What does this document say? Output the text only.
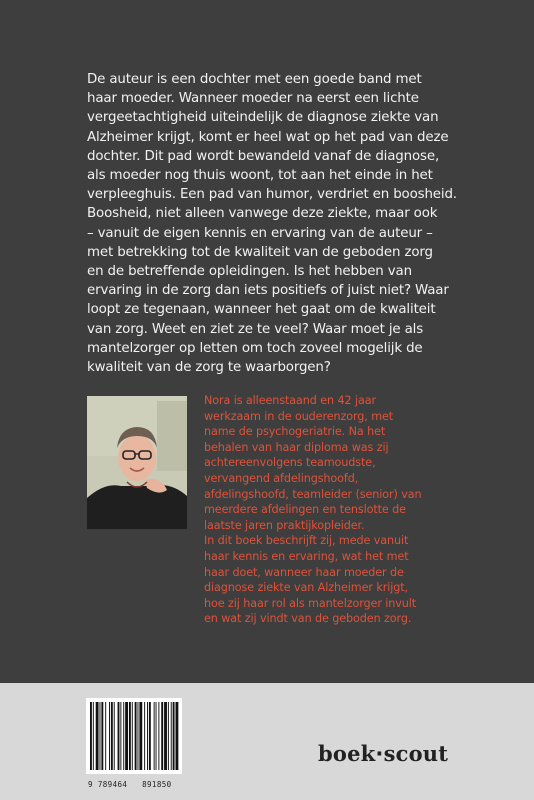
De auteur is een dochter met een goede band met
haar moeder. Wanneer moeder na eerst een lichte
vergeetachtigheid uiteindelijk de diagnose ziekte van
Alzheimer krijgt, komt er heel wat op het pad van deze
dochter. Dit pad wordt bewandeld vanaf de diagnose,
als moeder nog thuis woont, tot aan het einde in het
verpleeghuis. Een pad van humor, verdriet en boosheid.
Boosheid, niet alleen vanwege deze ziekte, maar ook
– vanuit de eigen kennis en ervaring van de auteur –
met betrekking tot de kwaliteit van de geboden zorg
en de betreffende opleidingen. Is het hebben van
ervaring in de zorg dan iets positiefs of juist niet? Waar
loopt ze tegenaan, wanneer het gaat om de kwaliteit
van zorg. Weet en ziet ze te veel? Waar moet je als
mantelzorger op letten om toch zoveel mogelijk de
kwaliteit van de zorg te waarborgen?
Nora is alleenstaand en 42 jaar
werkzaam in de ouderenzorg, met
name de psychogeriatrie. Na het
behalen van haar diploma was zij
achtereenvolgens teamoudste,
vervangend afdelingshoofd,
afdelingshoofd, teamleider (senior) van
meerdere afdelingen en tenslotte de
laatste jaren praktijkopleider.
In dit boek beschrijft zij, mede vanuit
haar kennis en ervaring, wat het met
haar doet, wanneer haar moeder de
diagnose ziekte van Alzheimer krijgt,
hoe zij haar rol als mantelzorger invult
en wat zij vindt van de geboden zorg.
9 789464   891850
boek·scout
